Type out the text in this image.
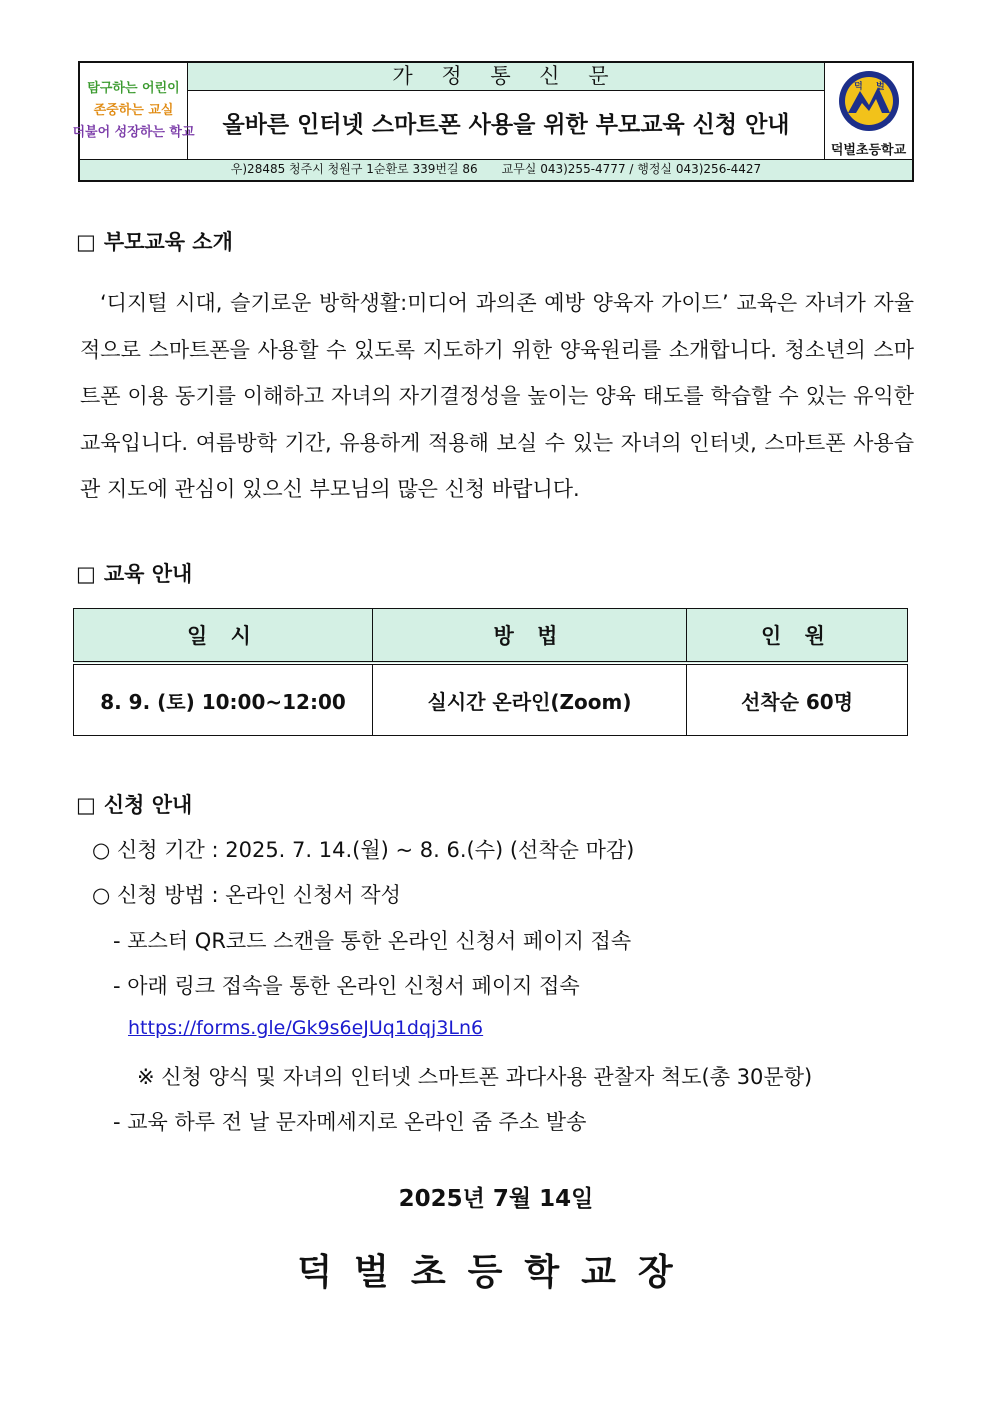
탐구하는 어린이
존중하는 교실
더불어 성장하는 학교
가 정 통 신 문
올바른 인터넷 스마트폰 사용을 위한 부모교육 신청 안내
덕 벌
덕벌초등학교
우)28485 청주시 청원구 1순환로 339번길 86 교무실 043)255-4777 / 행정실 043)256-4427
□ 부모교육 소개

‘디지털 시대, 슬기로운 방학생활:미디어 과의존 예방 양육자 가이드’ 교육은 자녀가 자율적으로 스마트폰을 사용할 수 있도록 지도하기 위한 양육원리를 소개합니다. 청소년의 스마트폰 이용 동기를 이해하고 자녀의 자기결정성을 높이는 양육 태도를 학습할 수 있는 유익한 교육입니다. 여름방학 기간, 유용하게 적용해 보실 수 있는 자녀의 인터넷, 스마트폰 사용습관 지도에 관심이 있으신 부모님의 많은 신청 바랍니다.

□ 교육 안내
일 시	방 법	인 원
8. 9. (토) 10:00~12:00	실시간 온라인(Zoom)	선착순 60명
□ 신청 안내
○ 신청 기간 : 2025. 7. 14.(월) ~ 8. 6.(수) (선착순 마감)
○ 신청 방법 : 온라인 신청서 작성
- 포스터 QR코드 스캔을 통한 온라인 신청서 페이지 접속
- 아래 링크 접속을 통한 온라인 신청서 페이지 접속
https://forms.gle/Gk9s6eJUq1dqj3Ln6
※ 신청 양식 및 자녀의 인터넷 스마트폰 과다사용 관찰자 척도(총 30문항)
- 교육 하루 전 날 문자메세지로 온라인 줌 주소 발송
2025년 7월 14일
덕벌초등학교장
